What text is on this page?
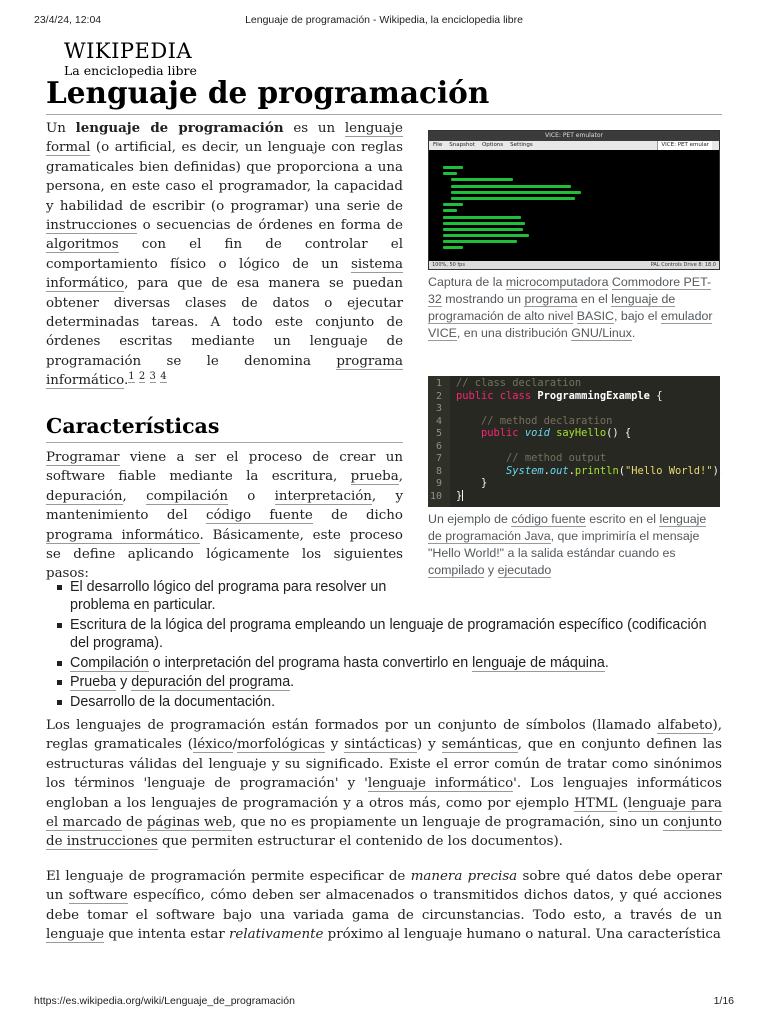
23/4/24, 12:04	Lenguaje de programación - Wikipedia, la enciclopedia libre
WIKIPEDIA
La enciclopedia libre
Lenguaje de programación

Un lenguaje de programación es un lenguaje formal (o artificial, es decir, un lenguaje con reglas gramaticales bien definidas) que proporciona a una persona, en este caso el programador, la capacidad y habilidad de escribir (o programar) una serie de instrucciones o secuencias de órdenes en forma de algoritmos con el fin de controlar el comportamiento físico o lógico de un sistema informático, para que de esa manera se puedan obtener diversas clases de datos o ejecutar determinadas tareas. A todo este conjunto de órdenes escritas mediante un lenguaje de programación se le denomina programa informático.$^1$ $^2$ $^3$ $^4$

VICE: PET emulator
File Snapshot Options Settings	VICE: PET emular
100%, 50 fps	PAL Controls Drive 8: 18.0

Captura de la microcomputadora Commodore PET-32 mostrando un programa en el lenguaje de programación de alto nivel BASIC, bajo el emulador VICE, en una distribución GNU/Linux.

Características

Programar viene a ser el proceso de crear un software fiable mediante la escritura, prueba, depuración, compilación o interpretación, y mantenimiento del código fuente de dicho programa informático. Básicamente, este proceso se define aplicando lógicamente los siguientes pasos:

1 // class declaration
2 public class ProgrammingExample {
3
4	// method declaration
5	public void sayHello() {
6
7	// method output
8	System.out.println("Hello World!");
9	}
10 }

Un ejemplo de código fuente escrito en el lenguaje de programación Java, que imprimiría el mensaje "Hello World!" a la salida estándar cuando es compilado y ejecutado

El desarrollo lógico del programa para resolver un problema en particular.
Escritura de la lógica del programa empleando un lenguaje de programación específico (codificación del programa).
Compilación o interpretación del programa hasta convertirlo en lenguaje de máquina.
Prueba y depuración del programa.
Desarrollo de la documentación.

Los lenguajes de programación están formados por un conjunto de símbolos (llamado alfabeto), reglas gramaticales (léxico/morfológicas y sintácticas) y semánticas, que en conjunto definen las estructuras válidas del lenguaje y su significado. Existe el error común de tratar como sinónimos los términos 'lenguaje de programación' y 'lenguaje informático'. Los lenguajes informáticos engloban a los lenguajes de programación y a otros más, como por ejemplo HTML (lenguaje para el marcado de páginas web, que no es propiamente un lenguaje de programación, sino un conjunto de instrucciones que permiten estructurar el contenido de los documentos).

El lenguaje de programación permite especificar de manera precisa sobre qué datos debe operar un software específico, cómo deben ser almacenados o transmitidos dichos datos, y qué acciones debe tomar el software bajo una variada gama de circunstancias. Todo esto, a través de un lenguaje que intenta estar relativamente próximo al lenguaje humano o natural. Una característica

https://es.wikipedia.org/wiki/Lenguaje_de_programación	1/16
